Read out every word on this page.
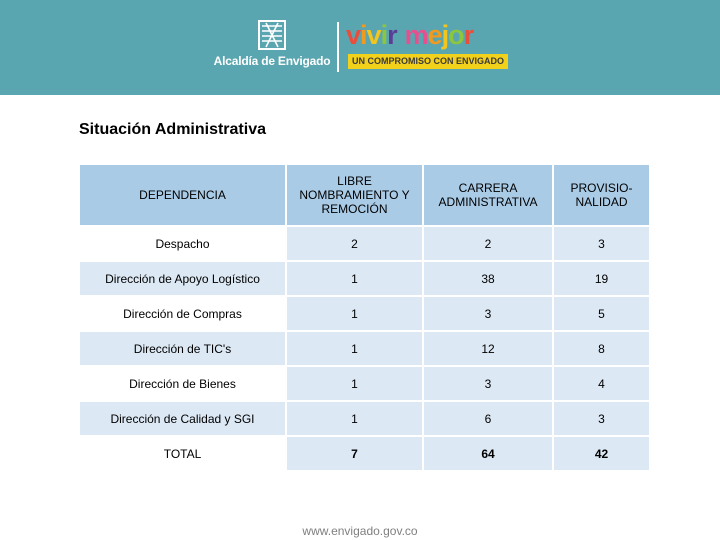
Alcaldía de Envigado
vivir mejor
UN COMPROMISO CON ENVIGADO
Situación Administrativa
DEPENDENCIA	LIBRE NOMBRAMIENTO Y REMOCIÓN	CARRERA ADMINISTRATIVA	PROVISIO-NALIDAD
Despacho	2	2	3
Dirección de Apoyo Logístico	1	38	19
Dirección de Compras	1	3	5
Dirección de TIC's	1	12	8
Dirección de Bienes	1	3	4
Dirección de Calidad y SGI	1	6	3
TOTAL	7	64	42
www.envigado.gov.co
